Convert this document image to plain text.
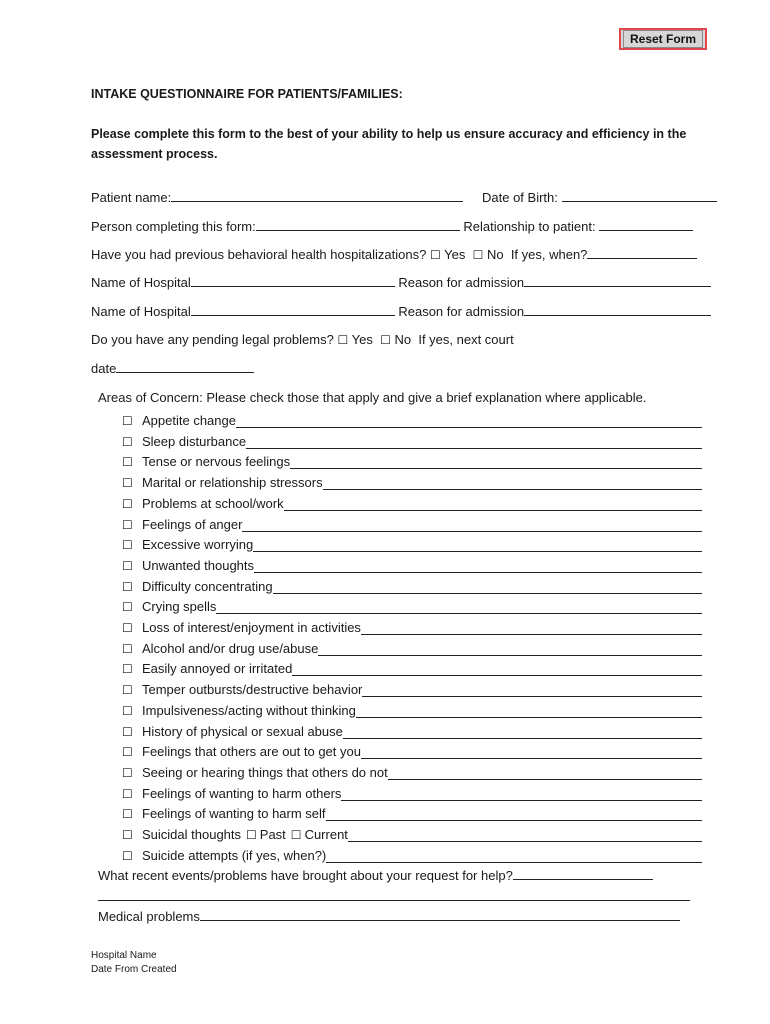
Reset Form
INTAKE QUESTIONNAIRE FOR PATIENTS/FAMILIES:
Please complete this form to the best of your ability to help us ensure accuracy and efficiency in the assessment process.
Patient name:	Date of Birth:
Person completing this form:	Relationship to patient:
Have you had previous behavioral health hospitalizations? ☐ Yes ☐ No If yes, when?
Name of Hospital	Reason for admission
Name of Hospital	Reason for admission
Do you have any pending legal problems? ☐ Yes ☐ No If yes, next court
date
Areas of Concern: Please check those that apply and give a brief explanation where applicable.
☐ Appetite change
☐ Sleep disturbance
☐ Tense or nervous feelings
☐ Marital or relationship stressors
☐ Problems at school/work
☐ Feelings of anger
☐ Excessive worrying
☐ Unwanted thoughts
☐ Difficulty concentrating
☐ Crying spells
☐ Loss of interest/enjoyment in activities
☐ Alcohol and/or drug use/abuse
☐ Easily annoyed or irritated
☐ Temper outbursts/destructive behavior
☐ Impulsiveness/acting without thinking
☐ History of physical or sexual abuse
☐ Feelings that others are out to get you
☐ Seeing or hearing things that others do not
☐ Feelings of wanting to harm others
☐ Feelings of wanting to harm self
☐ Suicidal thoughts ☐ Past ☐ Current
☐ Suicide attempts (if yes, when?)
What recent events/problems have brought about your request for help?
Medical problems
Hospital Name
Date From Created
